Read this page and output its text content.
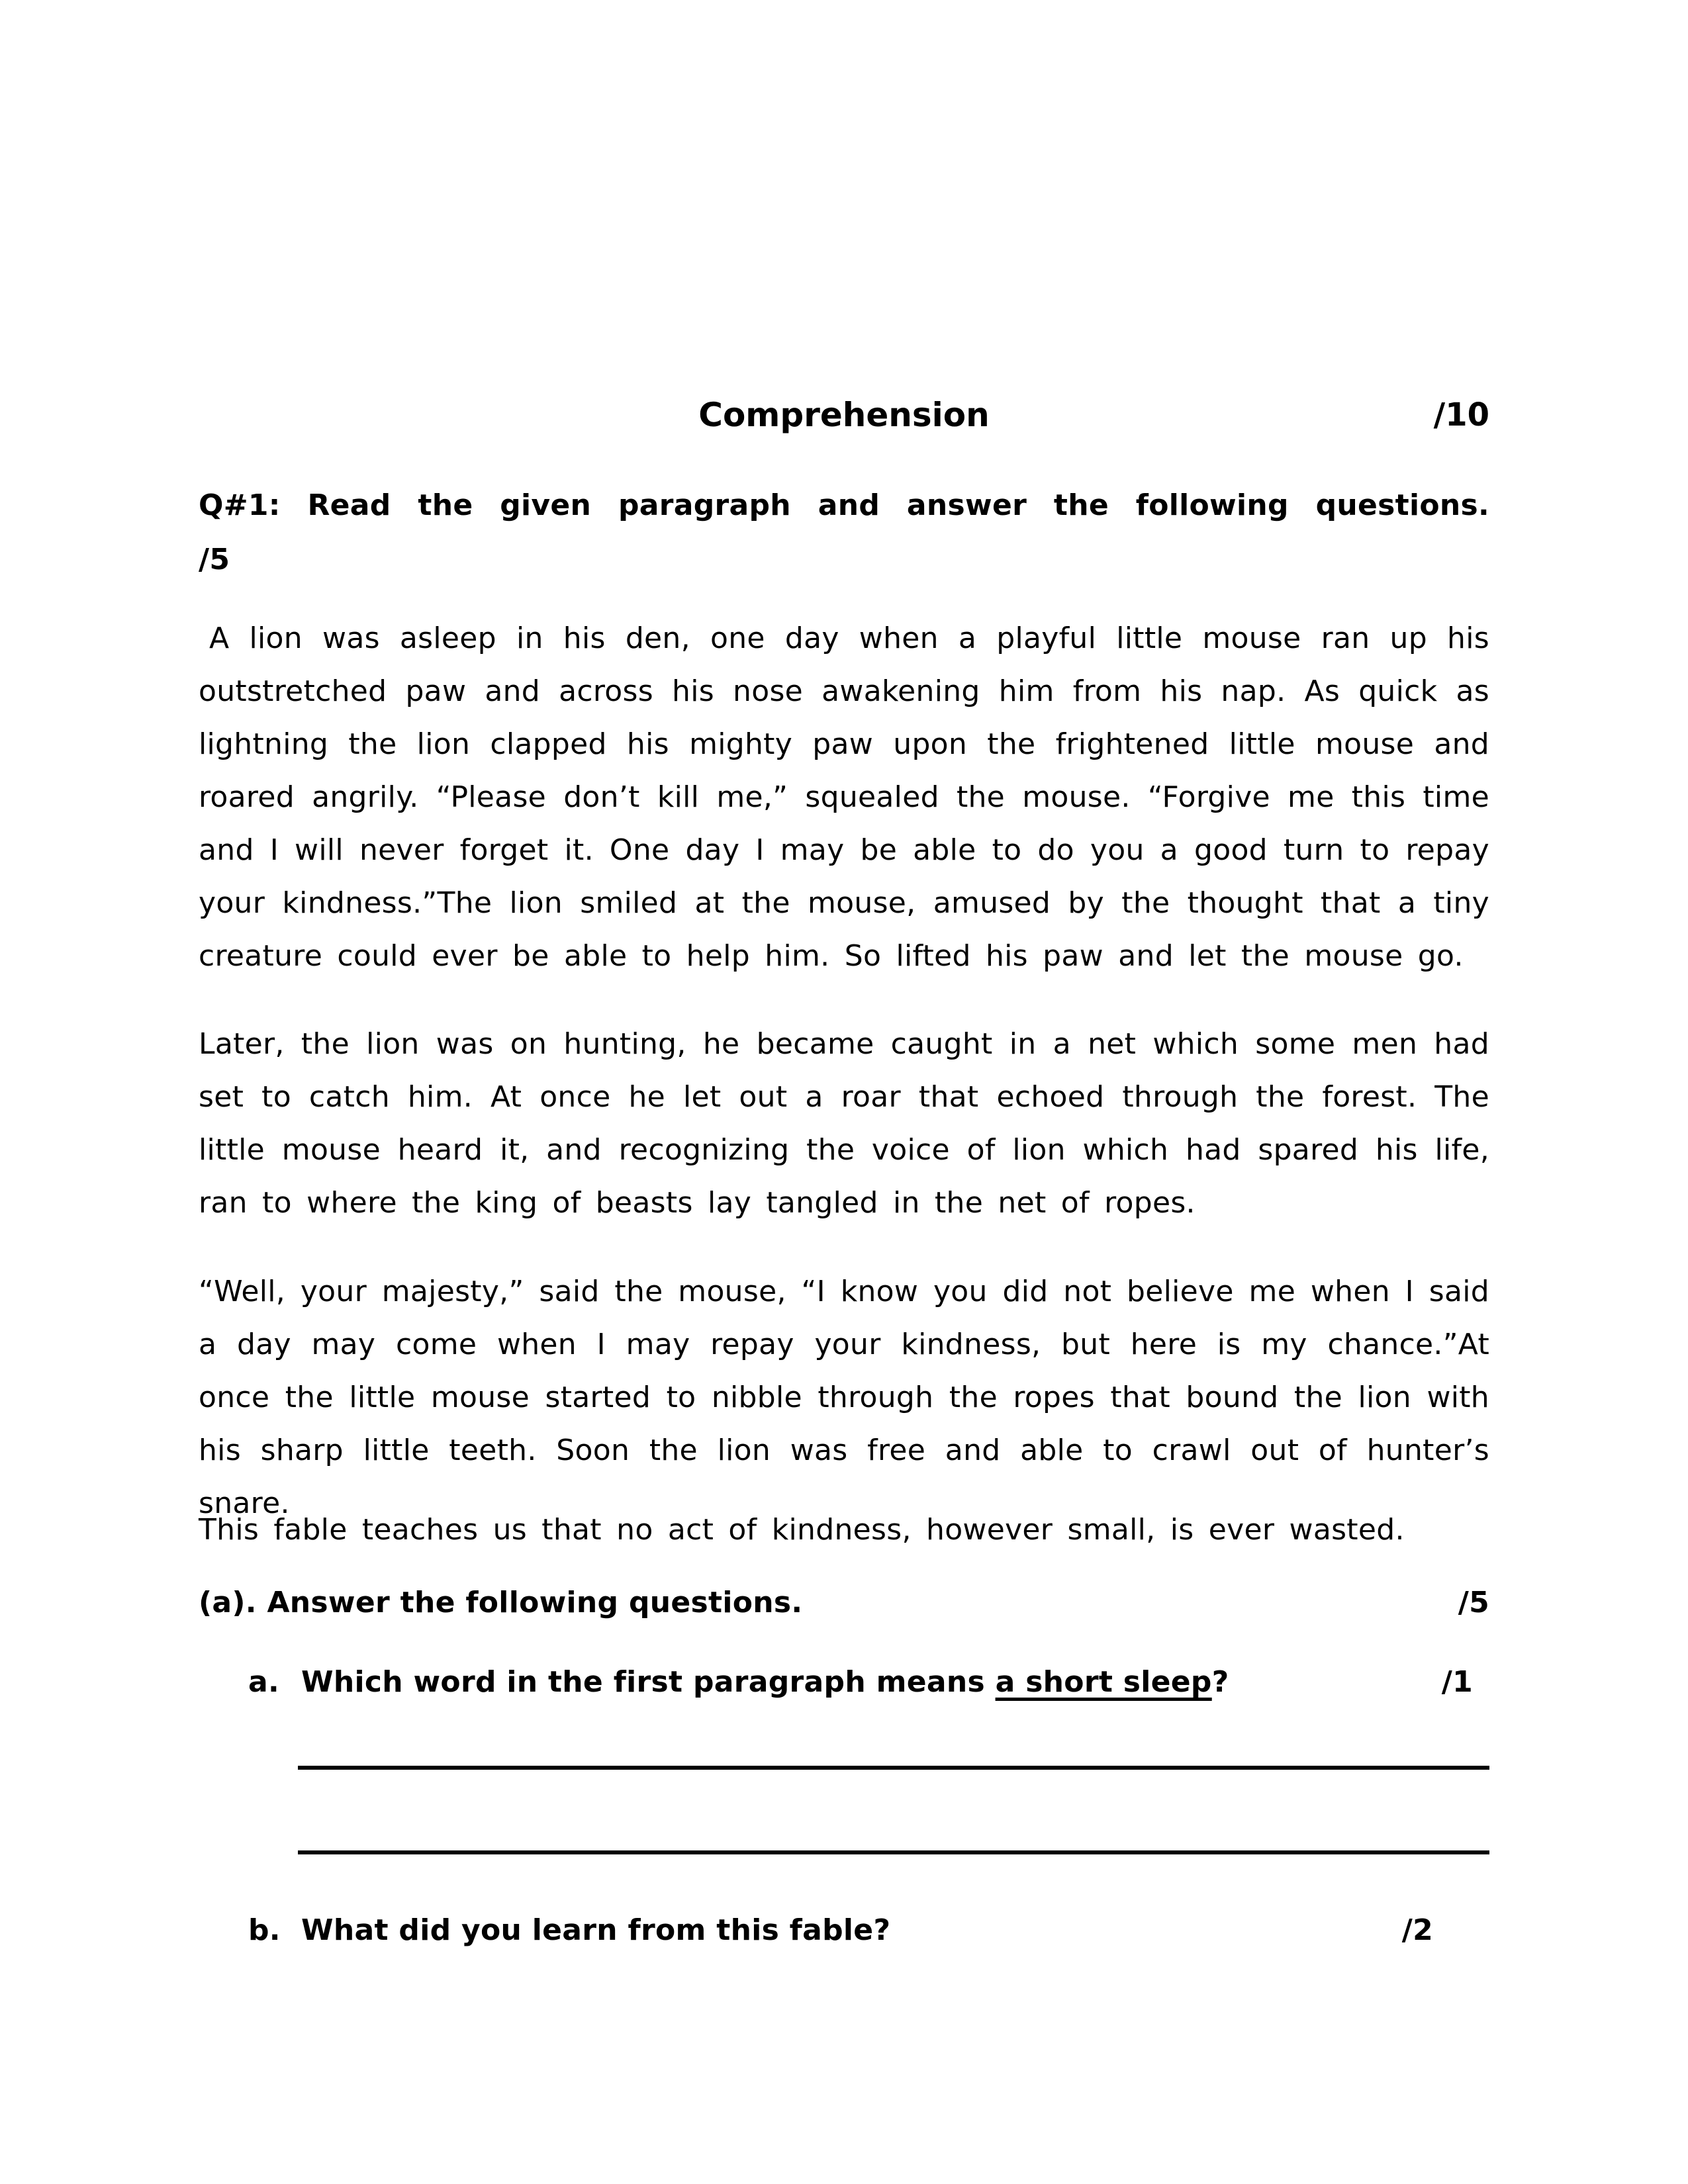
Comprehension	/10
Q#1: Read the given paragraph and answer the following questions.
/5
A lion was asleep in his den, one day when a playful little mouse ran up his outstretched paw and across his nose awakening him from his nap. As quick as lightning the lion clapped his mighty paw upon the frightened little mouse and roared angrily. “Please don’t kill me,” squealed the mouse. “Forgive me this time and I will never forget it. One day I may be able to do you a good turn to repay your kindness.”The lion smiled at the mouse, amused by the thought that a tiny creature could ever be able to help him. So lifted his paw and let the mouse go.
Later, the lion was on hunting, he became caught in a net which some men had set to catch him. At once he let out a roar that echoed through the forest. The little mouse heard it, and recognizing the voice of lion which had spared his life, ran to where the king of beasts lay tangled in the net of ropes.
“Well, your majesty,” said the mouse, “I know you did not believe me when I said a day may come when I may repay your kindness, but here is my chance.”At once the little mouse started to nibble through the ropes that bound the lion with his sharp little teeth. Soon the lion was free and able to crawl out of hunter’s snare.
This fable teaches us that no act of kindness, however small, is ever wasted.
(a). Answer the following questions.	/5
a. Which word in the first paragraph means a short sleep?	/1
b. What did you learn from this fable?	/2
